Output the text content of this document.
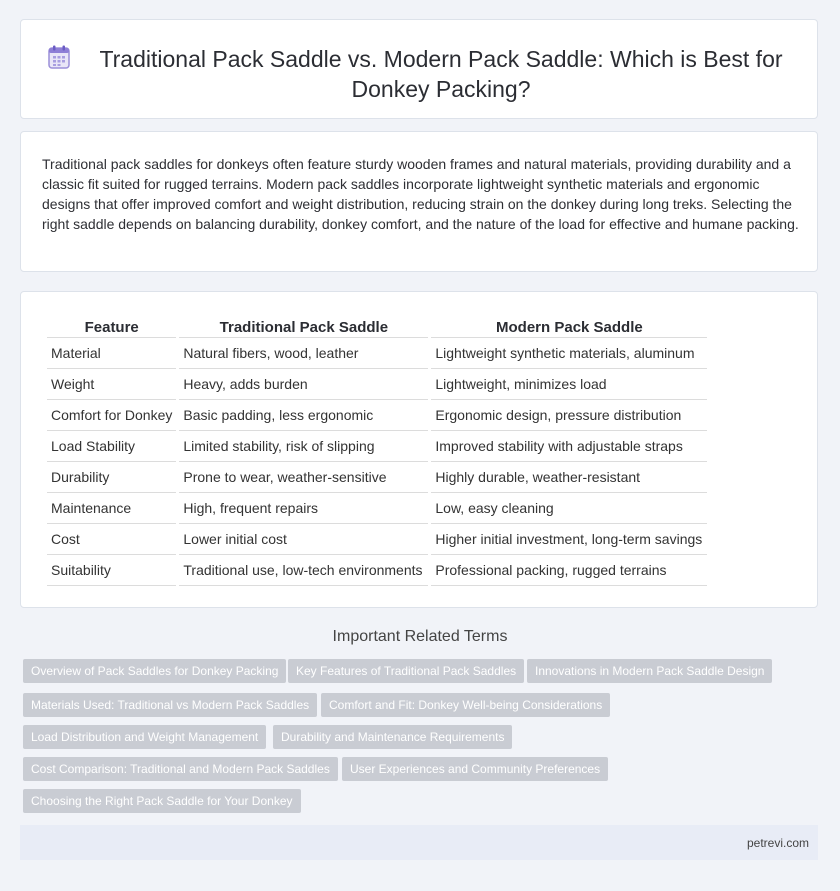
Traditional Pack Saddle vs. Modern Pack Saddle: Which is Best for Donkey Packing?

Traditional pack saddles for donkeys often feature sturdy wooden frames and natural materials, providing durability and a classic fit suited for rugged terrains. Modern pack saddles incorporate lightweight synthetic materials and ergonomic designs that offer improved comfort and weight distribution, reducing strain on the donkey during long treks. Selecting the right saddle depends on balancing durability, donkey comfort, and the nature of the load for effective and humane packing.

Feature	Traditional Pack Saddle	Modern Pack Saddle
Material	Natural fibers, wood, leather	Lightweight synthetic materials, aluminum
Weight	Heavy, adds burden	Lightweight, minimizes load
Comfort for Donkey	Basic padding, less ergonomic	Ergonomic design, pressure distribution
Load Stability	Limited stability, risk of slipping	Improved stability with adjustable straps
Durability	Prone to wear, weather-sensitive	Highly durable, weather-resistant
Maintenance	High, frequent repairs	Low, easy cleaning
Cost	Lower initial cost	Higher initial investment, long-term savings
Suitability	Traditional use, low-tech environments	Professional packing, rugged terrains
Important Related Terms
Overview of Pack Saddles for Donkey Packing	Key Features of Traditional Pack Saddles	Innovations in Modern Pack Saddle Design
Materials Used: Traditional vs Modern Pack Saddles	Comfort and Fit: Donkey Well-being Considerations
Load Distribution and Weight Management	Durability and Maintenance Requirements
Cost Comparison: Traditional and Modern Pack Saddles	User Experiences and Community Preferences
Choosing the Right Pack Saddle for Your Donkey
petrevi.com
